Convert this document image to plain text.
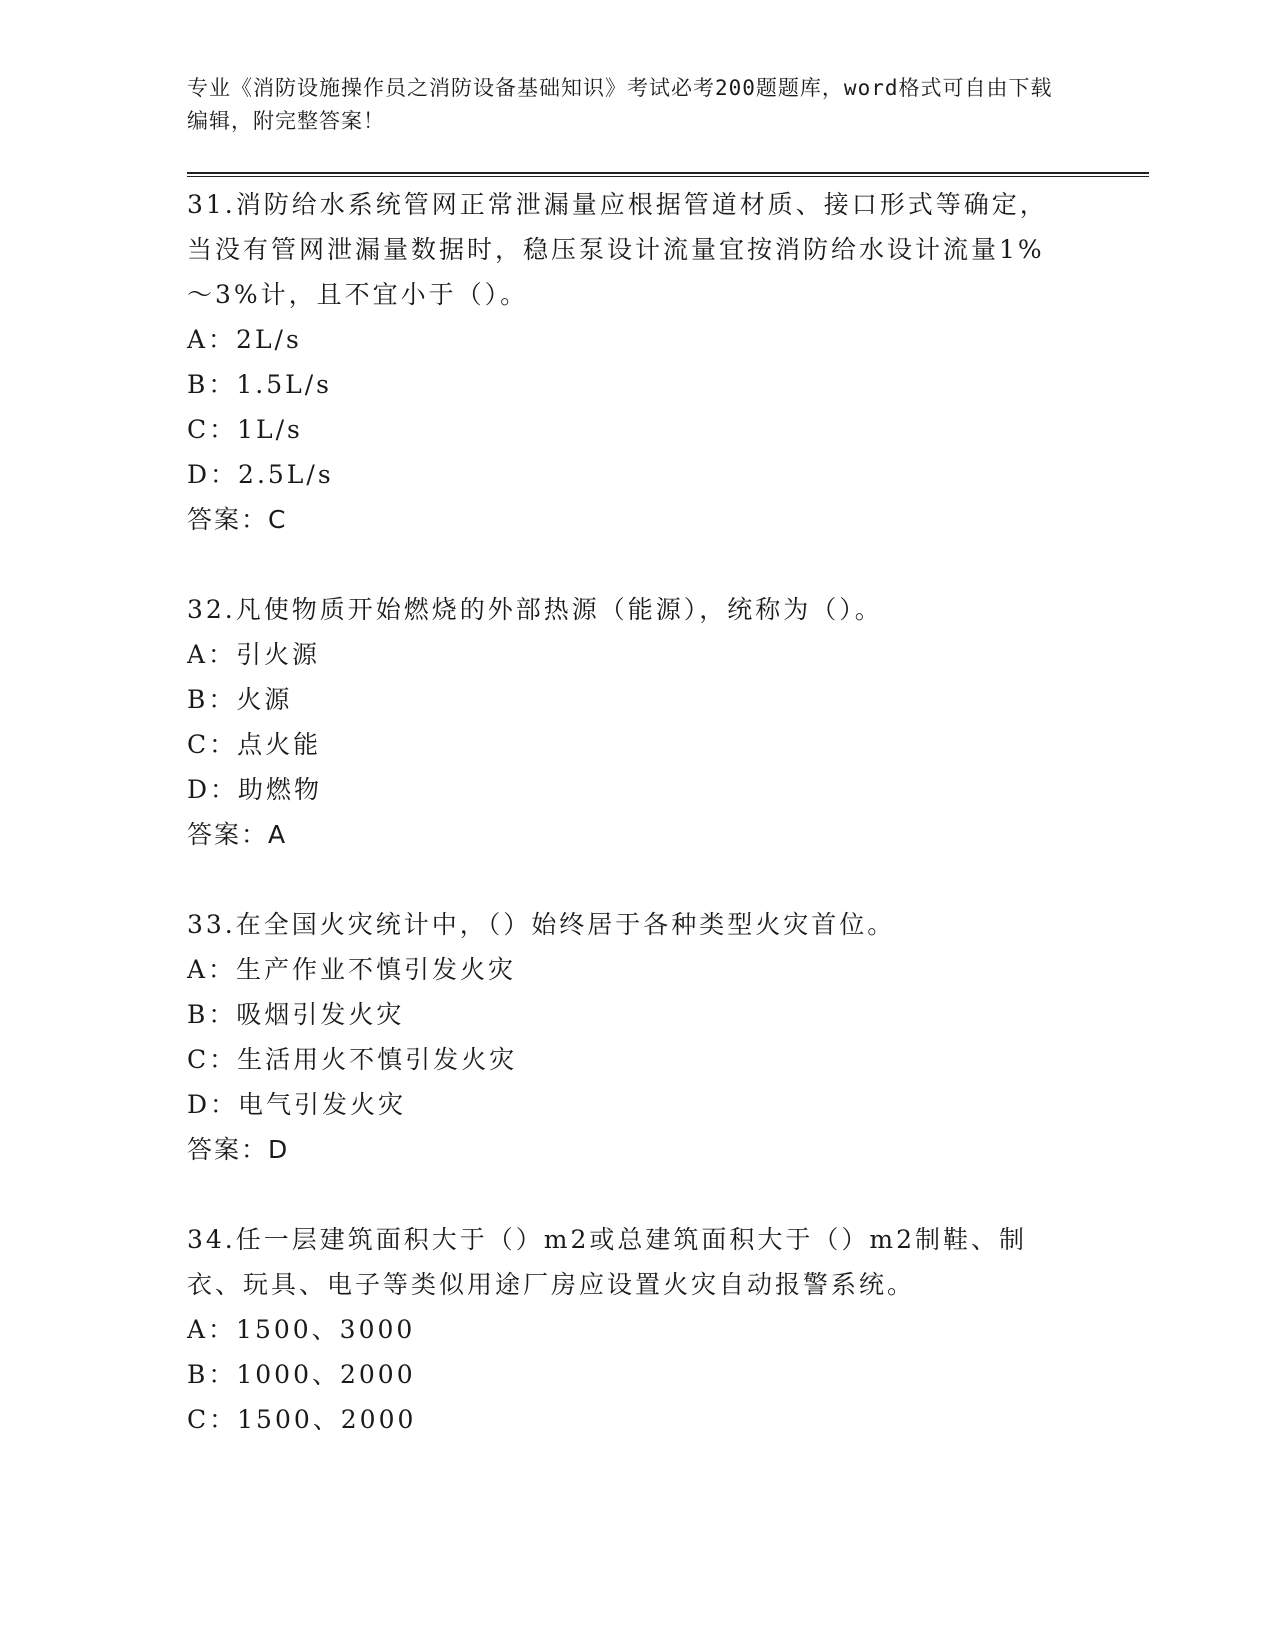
专业《消防设施操作员之消防设备基础知识》考试必考200题题库，word格式可自由下载编辑，附完整答案！

31.消防给水系统管网正常泄漏量应根据管道材质、接口形式等确定，当没有管网泄漏量数据时，稳压泵设计流量宜按消防给水设计流量1%～3%计，且不宜小于（）。

A：2L/s

B：1.5L/s

C：1L/s

D：2.5L/s

答案：C

32.凡使物质开始燃烧的外部热源（能源），统称为（）。

A：引火源

B：火源

C：点火能

D：助燃物

答案：A

33.在全国火灾统计中，（）始终居于各种类型火灾首位。

A：生产作业不慎引发火灾

B：吸烟引发火灾

C：生活用火不慎引发火灾

D：电气引发火灾

答案：D

34.任一层建筑面积大于（）m2或总建筑面积大于（）m2制鞋、制衣、玩具、电子等类似用途厂房应设置火灾自动报警系统。

A：1500、3000

B：1000、2000

C：1500、2000
